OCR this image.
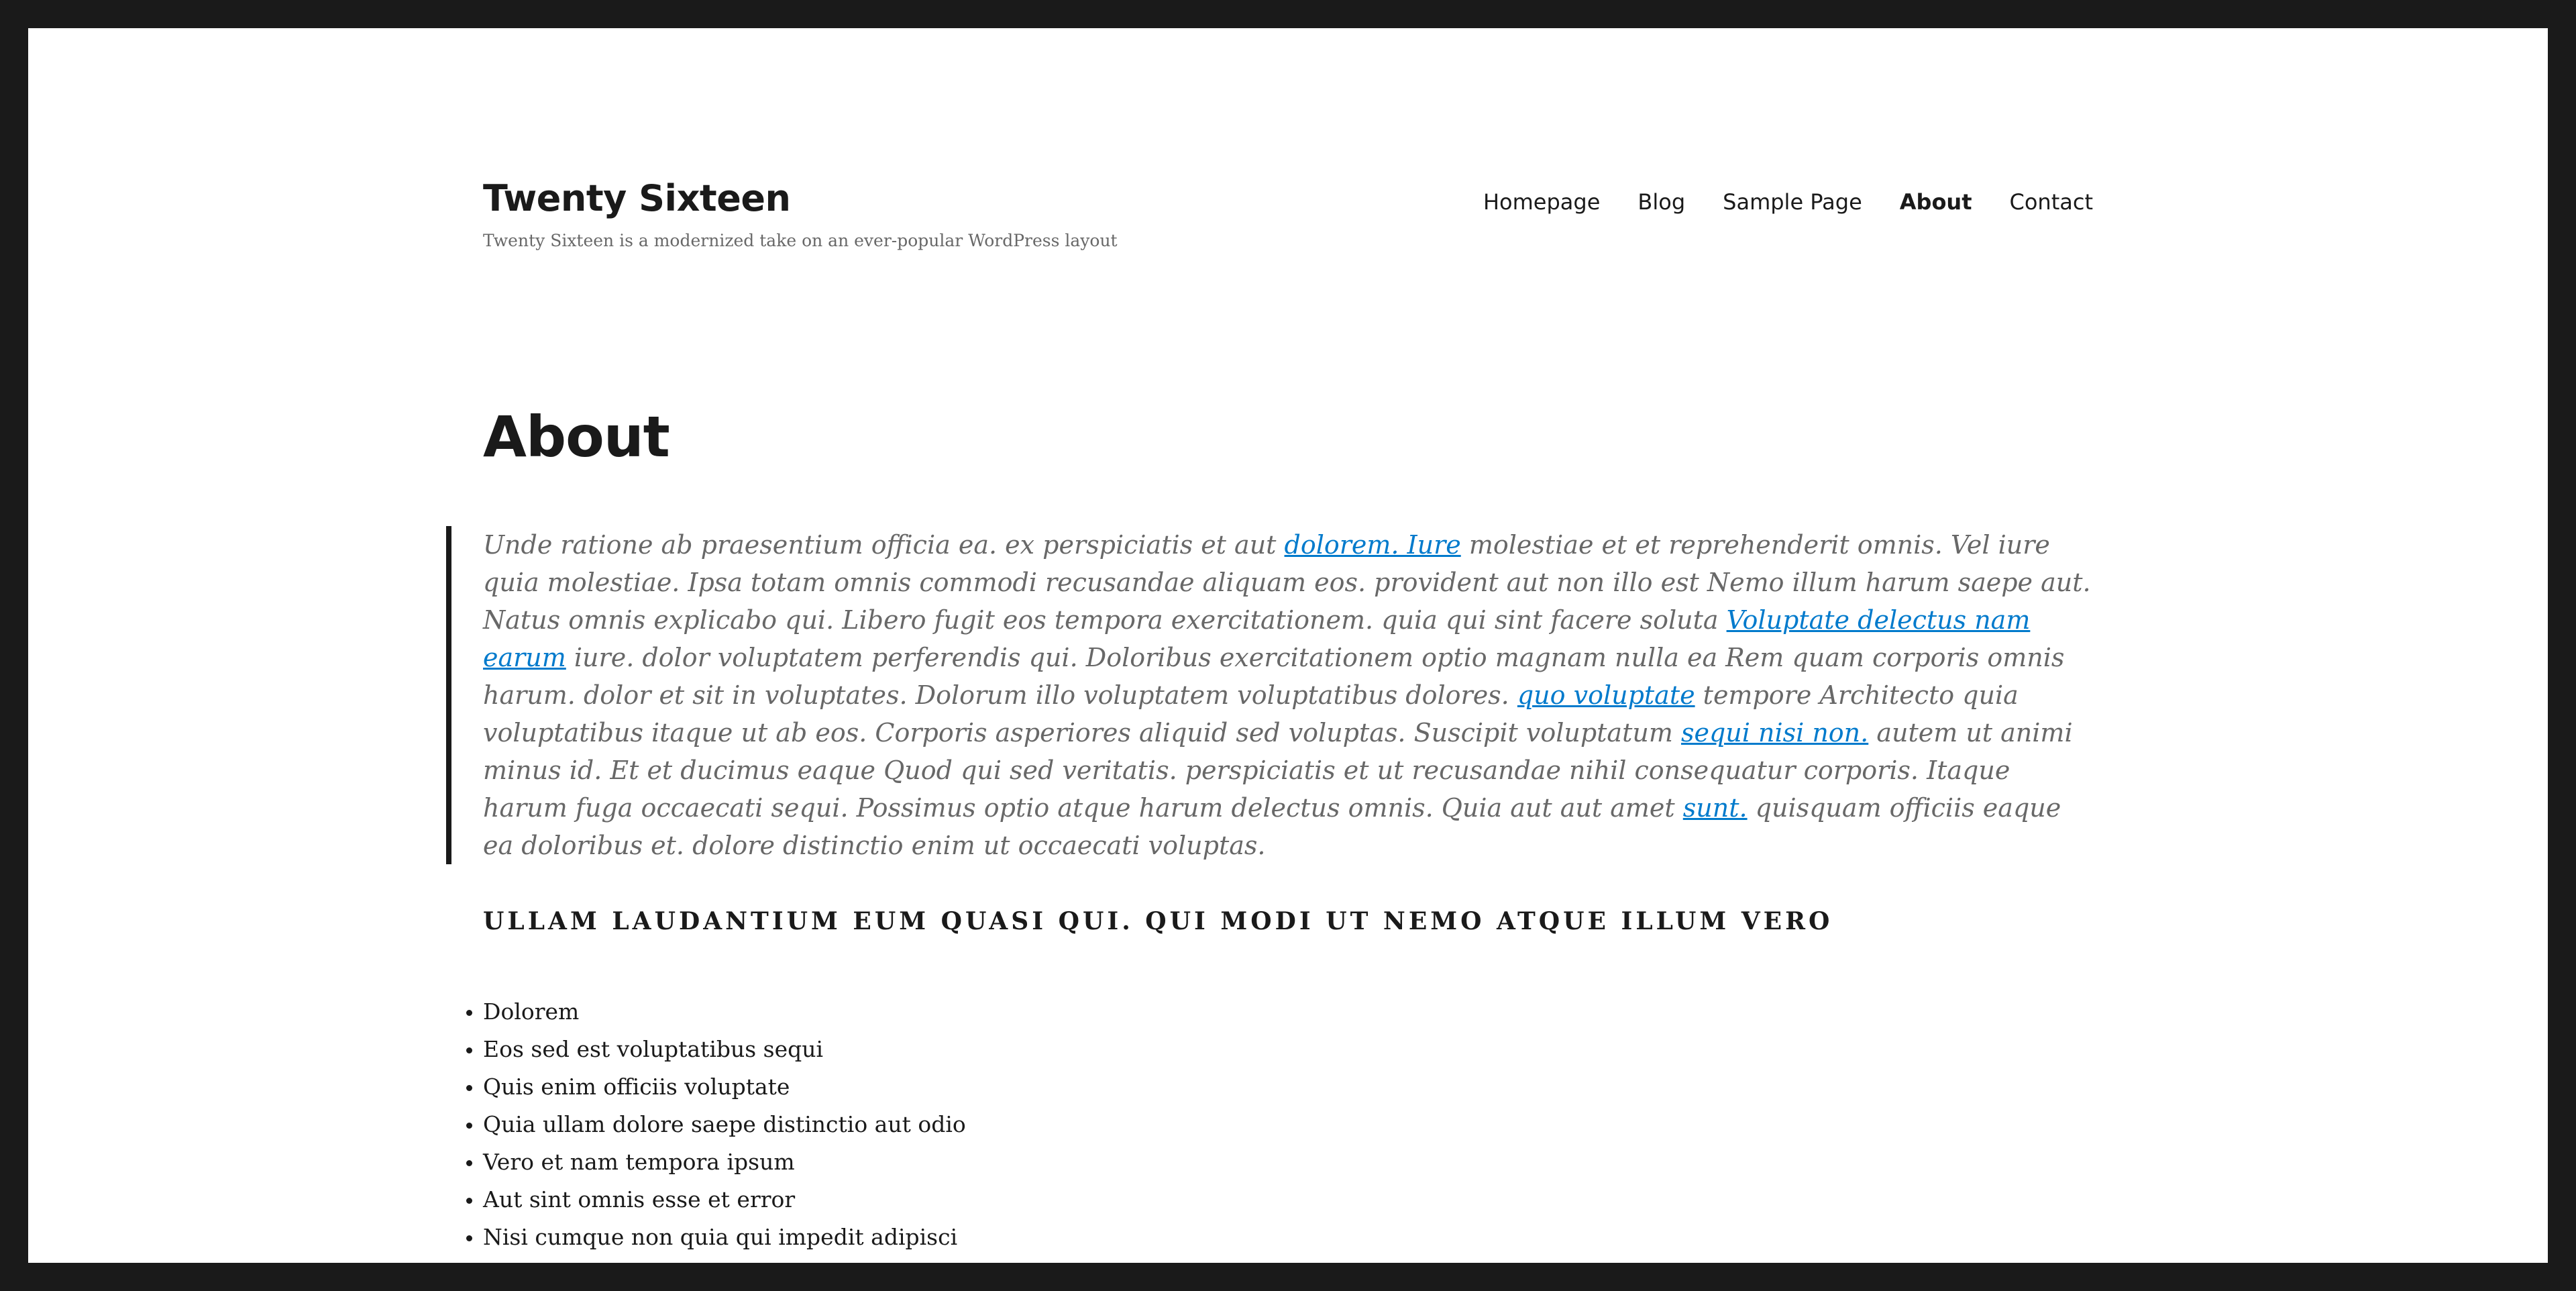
Twenty Sixteen
Twenty Sixteen is a modernized take on an ever-popular WordPress layout
Homepage Blog Sample Page About Contact
About
Unde ratione ab praesentium officia ea. ex perspiciatis et aut dolorem. Iure molestiae et et reprehenderit omnis. Vel iure quia molestiae. Ipsa totam omnis commodi recusandae aliquam eos. provident aut non illo est Nemo illum harum saepe aut. Natus omnis explicabo qui. Libero fugit eos tempora exercitationem. quia qui sint facere soluta Voluptate delectus nam earum iure. dolor voluptatem perferendis qui. Doloribus exercitationem optio magnam nulla ea Rem quam corporis omnis harum. dolor et sit in voluptates. Dolorum illo voluptatem voluptatibus dolores. quo voluptate tempore Architecto quia voluptatibus itaque ut ab eos. Corporis asperiores aliquid sed voluptas. Suscipit voluptatum sequi nisi non. autem ut animi minus id. Et et ducimus eaque Quod qui sed veritatis. perspiciatis et ut recusandae nihil consequatur corporis. Itaque harum fuga occaecati sequi. Possimus optio atque harum delectus omnis. Quia aut aut amet sunt. quisquam officiis eaque ea doloribus et. dolore distinctio enim ut occaecati voluptas.
ULLAM LAUDANTIUM EUM QUASI QUI. QUI MODI UT NEMO ATQUE ILLUM VERO
Dolorem
Eos sed est voluptatibus sequi
Quis enim officiis voluptate
Quia ullam dolore saepe distinctio aut odio
Vero et nam tempora ipsum
Aut sint omnis esse et error
Nisi cumque non quia qui impedit adipisci
